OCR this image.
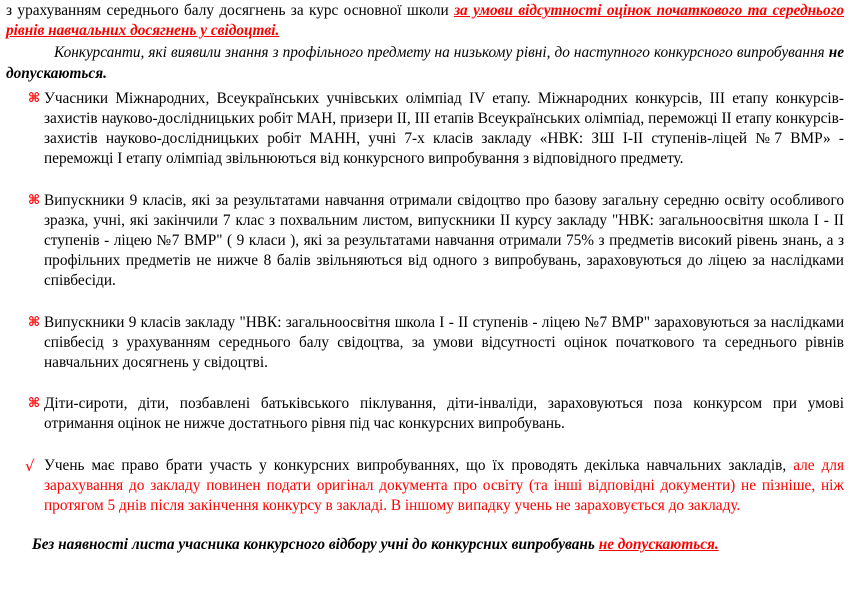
з урахуванням середнього балу досягнень за курс основної школи за умови відсутності оцінок початкового та середнього рівнів навчальних досягнень у свідоцтві.

Конкурсанти, які виявили знання з профільного предмету на низькому рівні, до наступного конкурсного випробування не допускаються.

⌘ Учасники Міжнародних, Всеукраїнських учнівських олімпіад IV етапу. Міжнародних конкурсів, ІІІ етапу конкурсів-захистів науково-дослідницьких робіт МАН, призери ІІ, ІІІ етапів Всеукраїнських олімпіад, переможці ІІ етапу конкурсів-захистів науково-дослідницьких робіт МАНН, учні 7-х класів закладу «НВК: ЗШ І-ІІ ступенів-ліцей №7 ВМР» - переможці І етапу олімпіад звільнюються від конкурсного випробування з відповідного предмету.

⌘ Випускники 9 класів, які за результатами навчання отримали свідоцтво про базову загальну середню освіту особливого зразка, учні, які закінчили 7 клас з похвальним листом, випускники ІІ курсу закладу "НВК: загальноосвітня школа І - ІІ ступенів - ліцею №7 ВМР" ( 9 класи ), які за результатами навчання отримали 75% з предметів високий рівень знань, а з профільних предметів не нижче 8 балів звільняються від одного з випробувань, зараховуються до ліцею за наслідками співбесіди.

⌘ Випускники 9 класів закладу "НВК: загальноосвітня школа І - ІІ ступенів - ліцею №7 ВМР" зараховуються за наслідками співбесід з урахуванням середнього балу свідоцтва, за умови відсутності оцінок початкового та середнього рівнів навчальних досягнень у свідоцтві.

⌘ Діти-сироти, діти, позбавлені батьківського піклування, діти-інваліди, зараховуються поза конкурсом при умові отримання оцінок не нижче достатнього рівня під час конкурсних випробувань.

√ Учень має право брати участь у конкурсних випробуваннях, що їх проводять декілька навчальних закладів, але для зарахування до закладу повинен подати оригінал документа про освіту (та інші відповідні документи) не пізніше, ніж протягом 5 днів після закінчення конкурсу в закладі. В іншому випадку учень не зараховується до закладу.

Без наявності листа учасника конкурсного відбору учні до конкурсних випробувань не допускаються.
